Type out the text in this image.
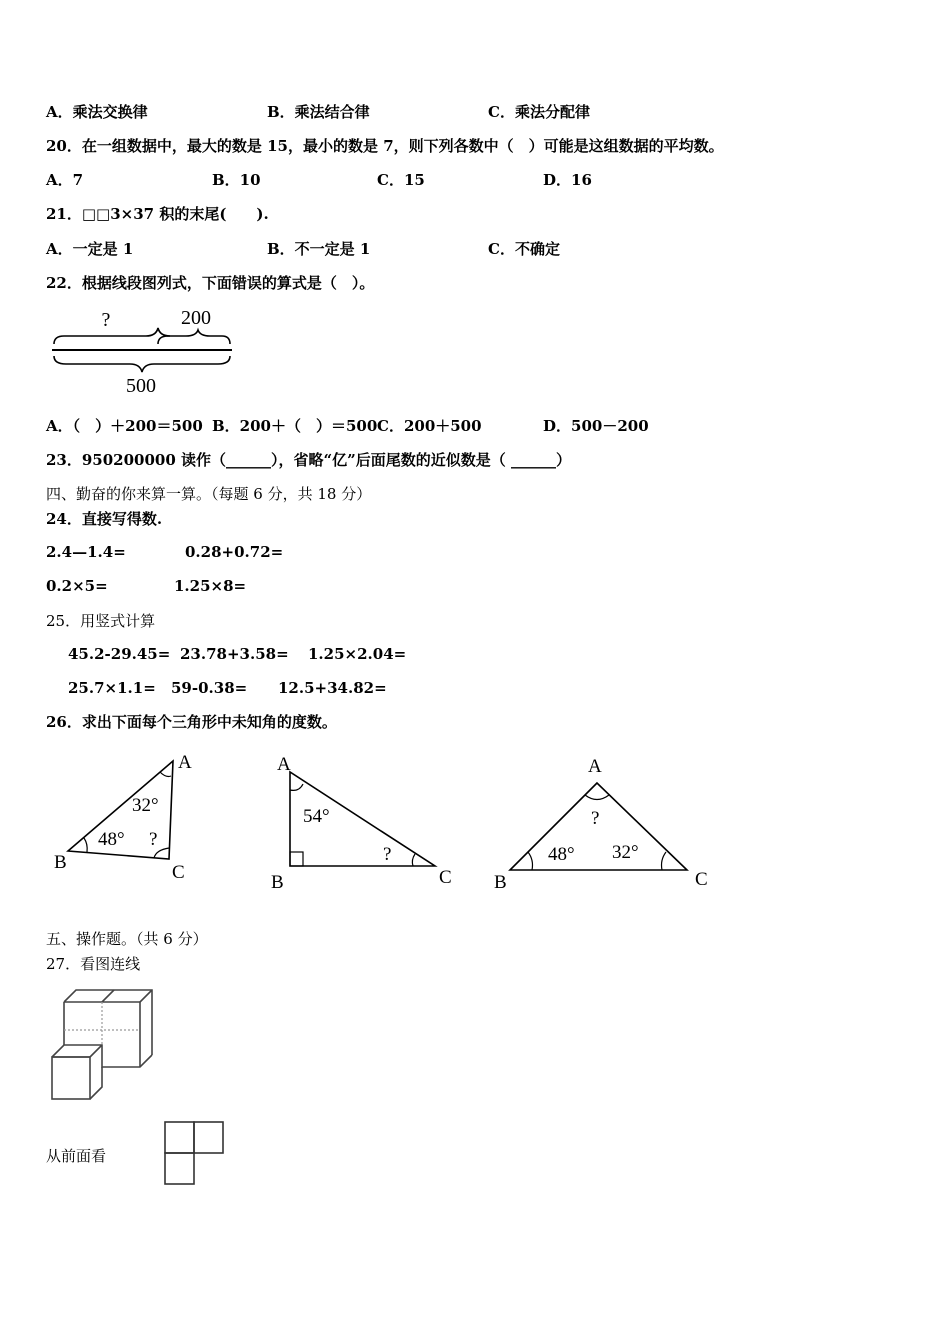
A．乘法交换律	B．乘法结合律	C．乘法分配律
20．在一组数据中，最大的数是 15，最小的数是 7，则下列各数中（　）可能是这组数据的平均数。
A．7	B．10	C．15	D．16
21．□□3×37 积的末尾(　　).
A．一定是 1	B．不一定是 1	C．不确定
22．根据线段图列式，下面错误的算式是（　）。
?	200
500
A．（　）＋200＝500 B．200＋（　）＝500 C．200＋500	D．500－200
23．950200000 读作（______），省略“亿”后面尾数的近似数是（ ______）
四、勤奋的你来算一算。（每题 6 分，共 18 分）
24．直接写得数.
2.4—1.4=	0.28+0.72=
0.2×5=	1.25×8=
25．用竖式计算
45.2-29.45= 23.78+3.58= 1.25×2.04=
25.7×1.1= 59-0.38= 12.5+34.82=
26．求出下面每个三角形中未知角的度数。
A
B	C
32°
48° ?
A
B	C
54°
?
A
B	C
?
48° 32°
五、操作题。（共 6 分）
27．看图连线
从前面看
